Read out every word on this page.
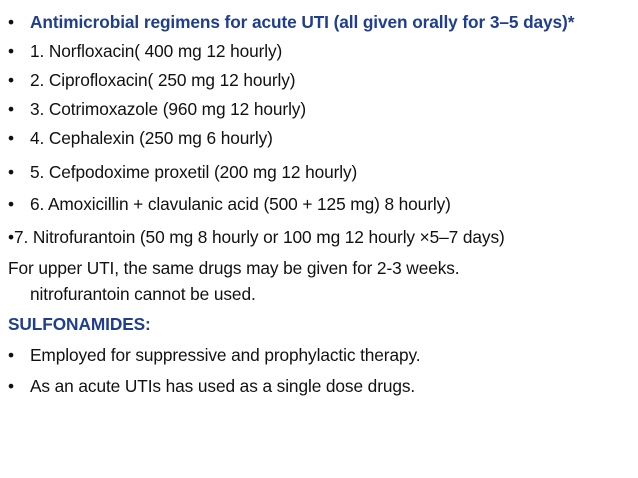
• Antimicrobial regimens for acute UTI (all given orally for 3–5 days)*
• 1. Norfloxacin( 400 mg 12 hourly)
• 2. Ciprofloxacin( 250 mg 12 hourly)
• 3. Cotrimoxazole (960 mg 12 hourly)
• 4. Cephalexin (250 mg 6 hourly)
• 5. Cefpodoxime proxetil (200 mg 12 hourly)
• 6. Amoxicillin + clavulanic acid (500 + 125 mg) 8 hourly)
•7. Nitrofurantoin (50 mg 8 hourly or 100 mg 12 hourly ×5–7 days)
For upper UTI, the same drugs may be given for 2-3 weeks.
nitrofurantoin cannot be used.
SULFONAMIDES:
• Employed for suppressive and prophylactic therapy.
• As an acute UTIs has used as a single dose drugs.
